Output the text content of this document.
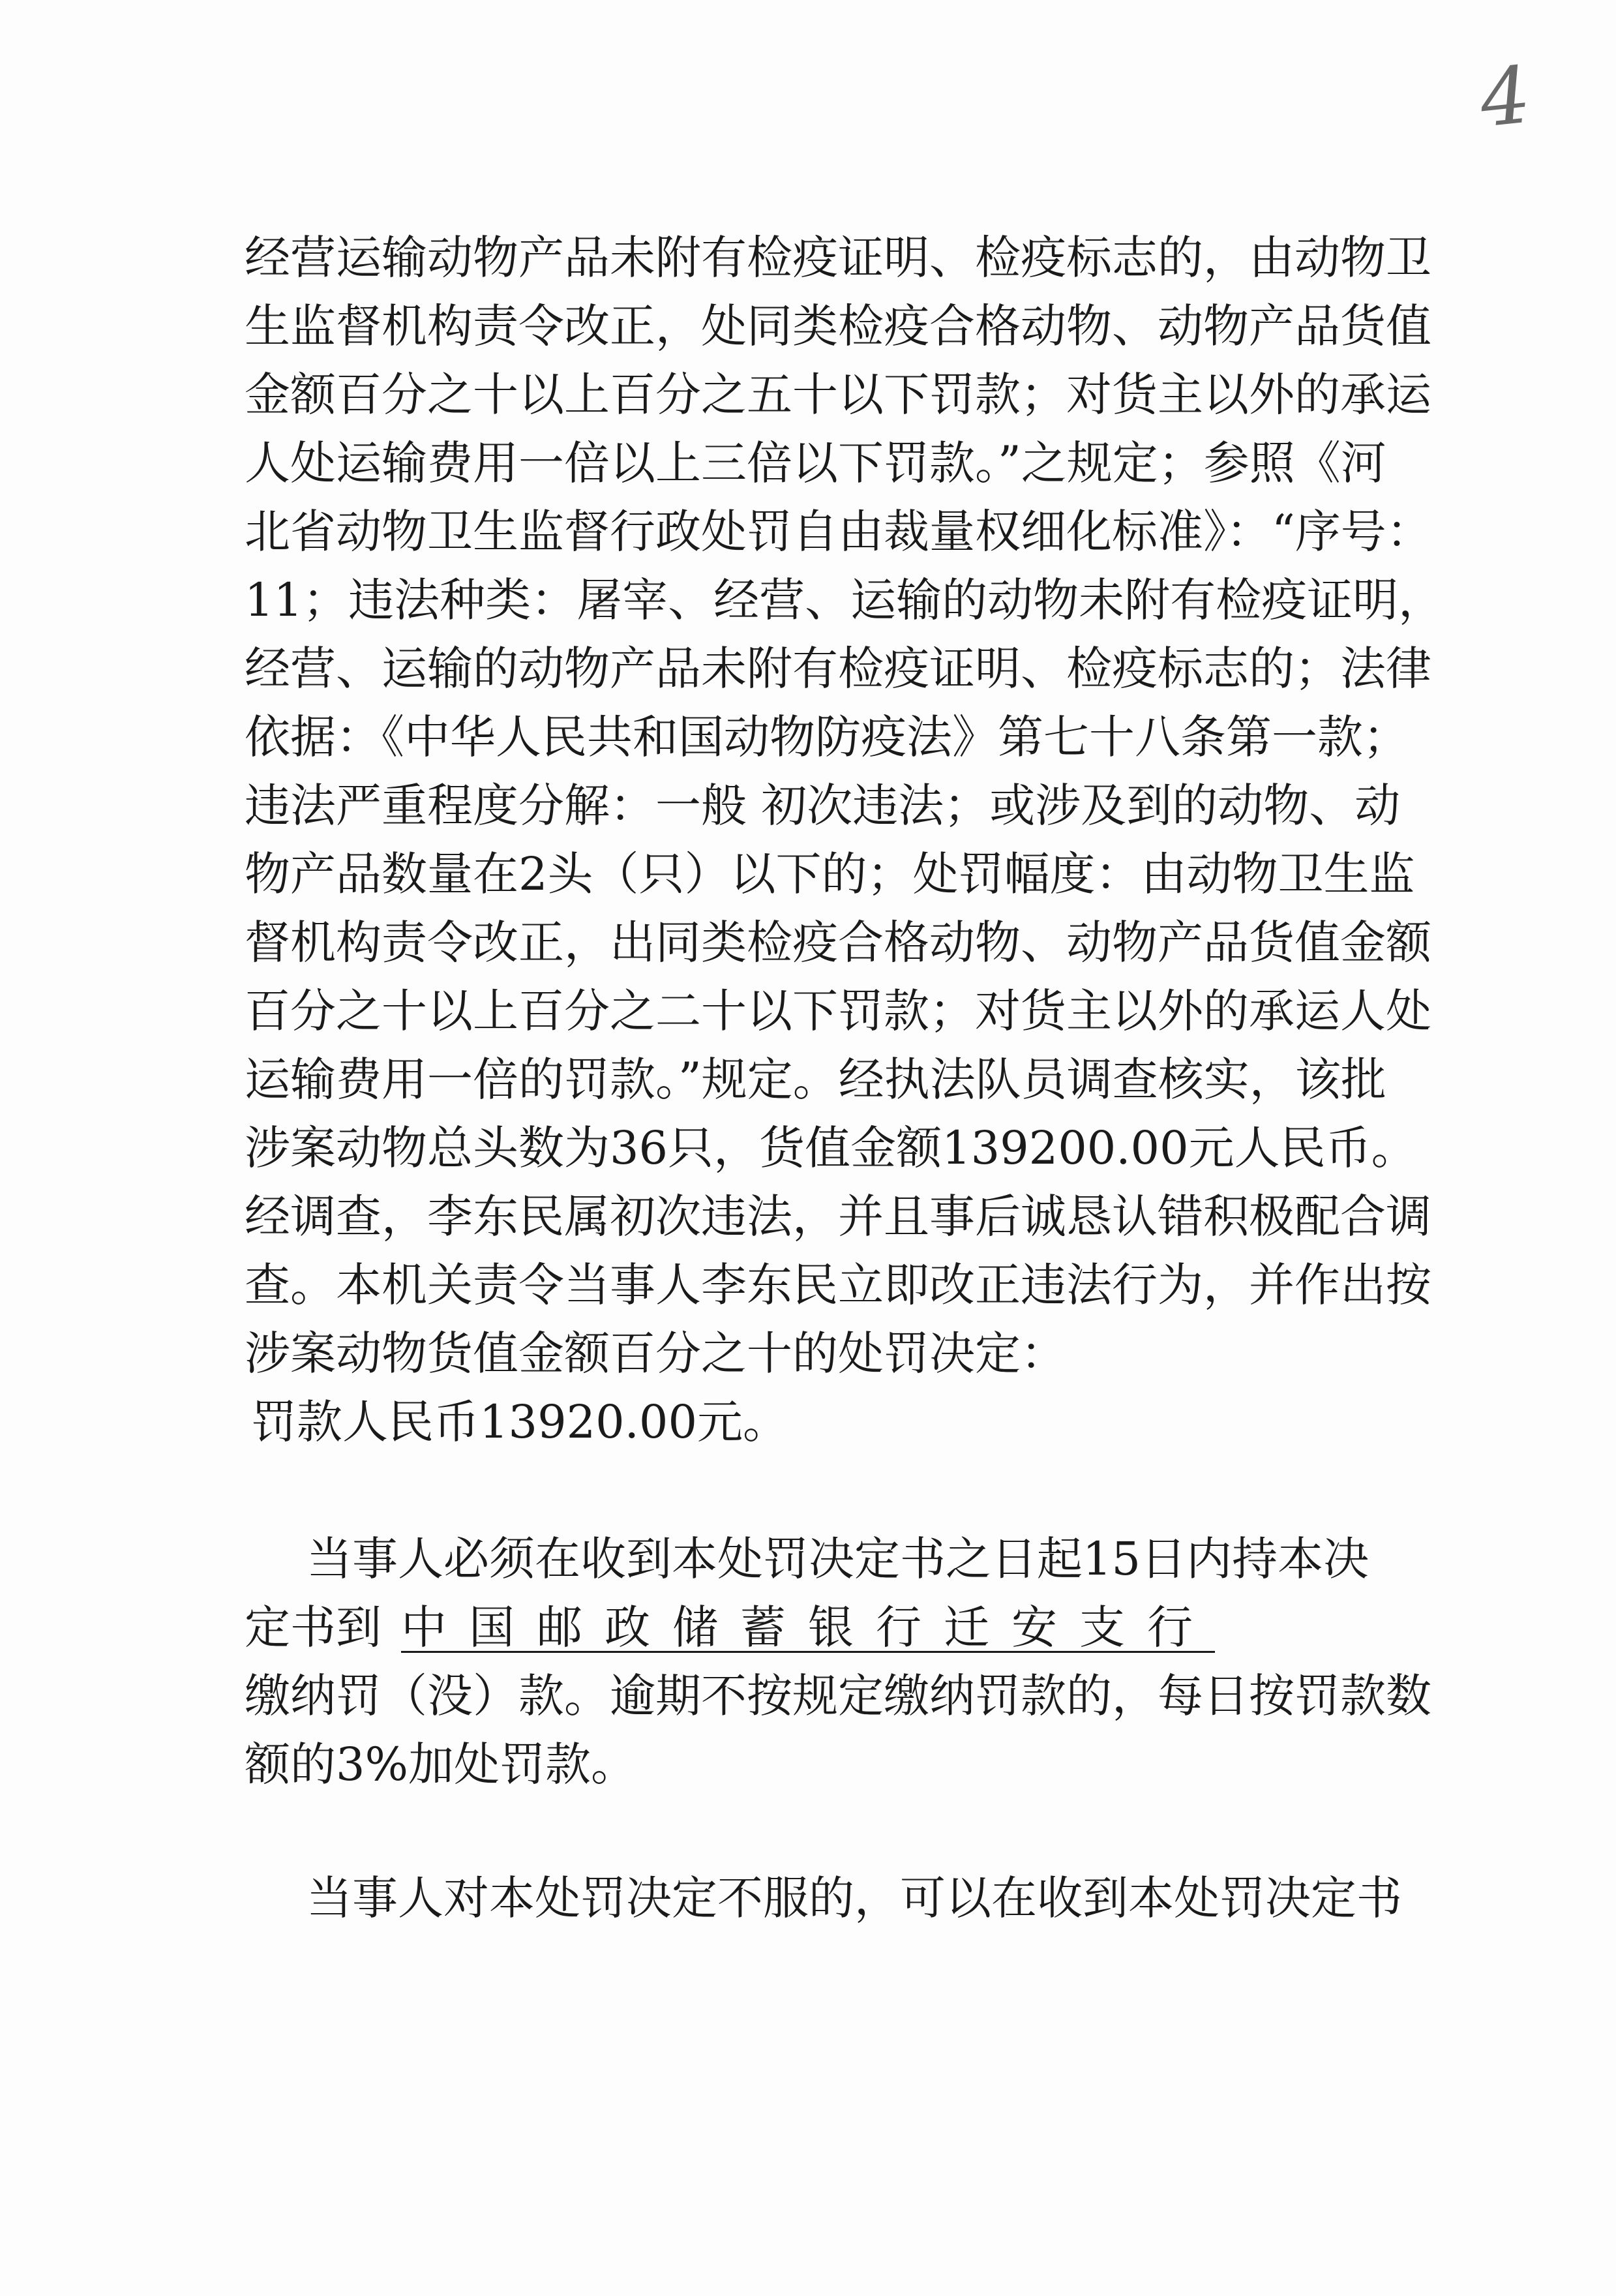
4
经营运输动物产品未附有检疫证明、检疫标志的，由动物卫
生监督机构责令改正，处同类检疫合格动物、动物产品货值
金额百分之十以上百分之五十以下罚款；对货主以外的承运
人处运输费用一倍以上三倍以下罚款。”之规定；参照《河
北省动物卫生监督行政处罚自由裁量权细化标准》：“序号：
11；违法种类：屠宰、经营、运输的动物未附有检疫证明，
经营、运输的动物产品未附有检疫证明、检疫标志的；法律
依据：《中华人民共和国动物防疫法》第七十八条第一款；
违法严重程度分解：一般 初次违法；或涉及到的动物、动
物产品数量在2头（只）以下的；处罚幅度：由动物卫生监
督机构责令改正，出同类检疫合格动物、动物产品货值金额
百分之十以上百分之二十以下罚款；对货主以外的承运人处
运输费用一倍的罚款。”规定。经执法队员调查核实，该批
涉案动物总头数为36只，货值金额139200.00元人民币。
经调查，李东民属初次违法，并且事后诚恳认错积极配合调
查。本机关责令当事人李东民立即改正违法行为，并作出按
涉案动物货值金额百分之十的处罚决定：
罚款人民币13920.00元。
当事人必须在收到本处罚决定书之日起15日内持本决
定书到 中国邮政储蓄银行迁安支行
缴纳罚（没）款。逾期不按规定缴纳罚款的，每日按罚款数
额的3%加处罚款。
当事人对本处罚决定不服的，可以在收到本处罚决定书
